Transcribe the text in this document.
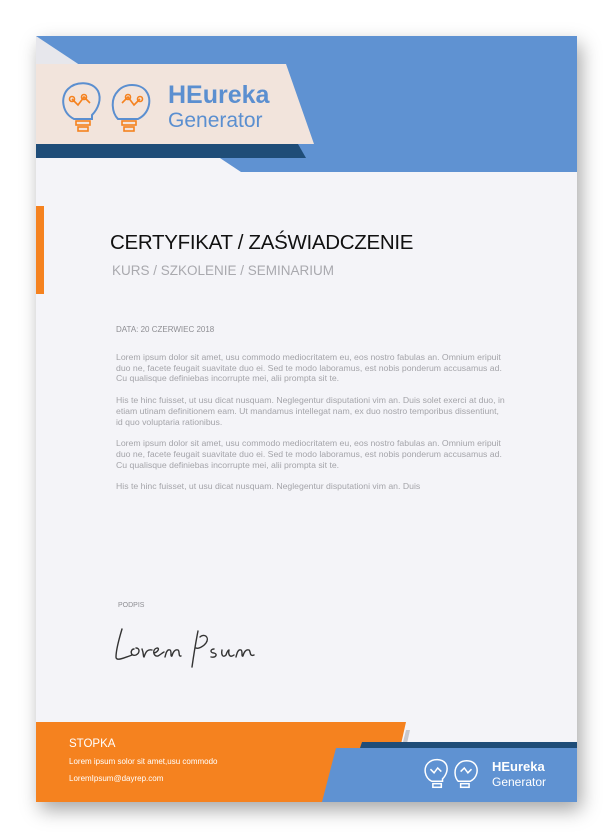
HEureka
Generator
CERTYFIKAT / ZAŚWIADCZENIE
KURS / SZKOLENIE / SEMINARIUM
DATA: 20 CZERWIEC 2018

Lorem ipsum dolor sit amet, usu commodo mediocritatem eu, eos nostro fabulas an. Omnium eripuit duo ne, facete feugait suavitate duo ei. Sed te modo laboramus, est nobis ponderum accusamus ad. Cu qualisque definiebas incorrupte mei, alii prompta sit te.

His te hinc fuisset, ut usu dicat nusquam. Neglegentur disputationi vim an. Duis solet exerci at duo, in etiam utinam definitionem eam. Ut mandamus intellegat nam, ex duo nostro temporibus dissentiunt, id quo voluptaria rationibus.

Lorem ipsum dolor sit amet, usu commodo mediocritatem eu, eos nostro fabulas an. Omnium eripuit duo ne, facete feugait suavitate duo ei. Sed te modo laboramus, est nobis ponderum accusamus ad. Cu qualisque definiebas incorrupte mei, alii prompta sit te.

His te hinc fuisset, ut usu dicat nusquam. Neglegentur disputationi vim an. Duis

PODPIS
STOPKA
Lorem ipsum solor sit amet,usu commodo
LoremIpsum@dayrep.com
HEureka
Generator
